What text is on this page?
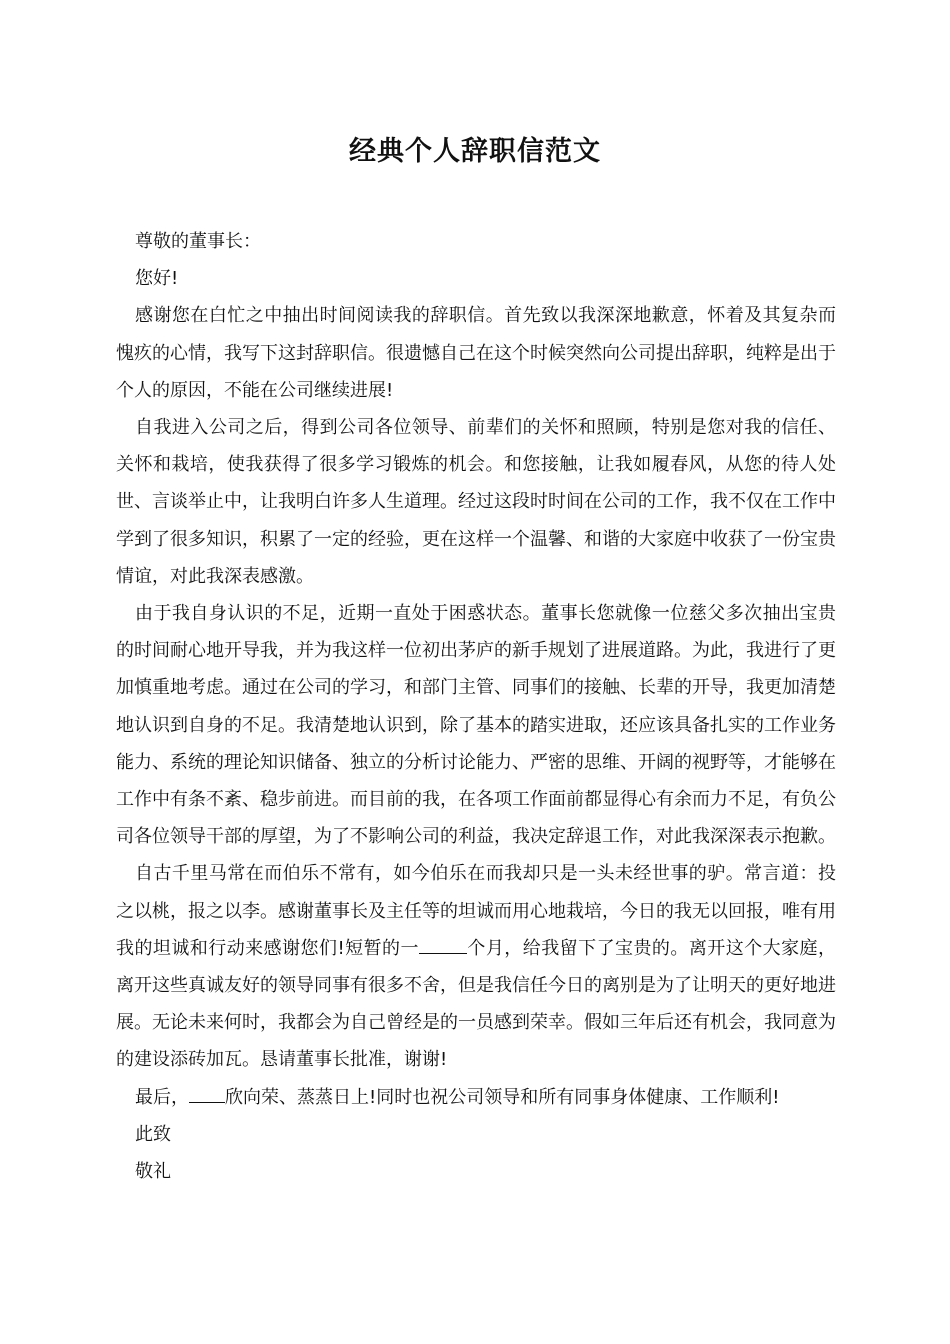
经典个人辞职信范文

尊敬的董事长：

您好!

感谢您在白忙之中抽出时间阅读我的辞职信。首先致以我深深地歉意，怀着及其复杂而愧疚的心情，我写下这封辞职信。很遗憾自己在这个时候突然向公司提出辞职，纯粹是出于个人的原因，不能在公司继续进展!

自我进入公司之后，得到公司各位领导、前辈们的关怀和照顾，特别是您对我的信任、关怀和栽培，使我获得了很多学习锻炼的机会。和您接触，让我如履春风，从您的待人处世、言谈举止中，让我明白许多人生道理。经过这段时时间在公司的工作，我不仅在工作中学到了很多知识，积累了一定的经验，更在这样一个温馨、和谐的大家庭中收获了一份宝贵情谊，对此我深表感激。

由于我自身认识的不足，近期一直处于困惑状态。董事长您就像一位慈父多次抽出宝贵的时间耐心地开导我，并为我这样一位初出茅庐的新手规划了进展道路。为此，我进行了更加慎重地考虑。通过在公司的学习，和部门主管、同事们的接触、长辈的开导，我更加清楚地认识到自身的不足。我清楚地认识到，除了基本的踏实进取，还应该具备扎实的工作业务能力、系统的理论知识储备、独立的分析讨论能力、严密的思维、开阔的视野等，才能够在工作中有条不紊、稳步前进。而目前的我，在各项工作面前都显得心有余而力不足，有负公司各位领导干部的厚望，为了不影响公司的利益，我决定辞退工作，对此我深深表示抱歉。

自古千里马常在而伯乐不常有，如今伯乐在而我却只是一头未经世事的驴。常言道：投之以桃，报之以李。感谢董事长及主任等的坦诚而用心地栽培，今日的我无以回报，唯有用我的坦诚和行动来感谢您们!短暂的一	个月，给我留下了宝贵的。离开这个大家庭，离开这些真诚友好的领导同事有很多不舍，但是我信任今日的离别是为了让明天的更好地进展。无论未来何时，我都会为自己曾经是的一员感到荣幸。假如三年后还有机会，我同意为的建设添砖加瓦。恳请董事长批准，谢谢!

最后， 欣向荣、蒸蒸日上!同时也祝公司领导和所有同事身体健康、工作顺利!

此致

敬礼
